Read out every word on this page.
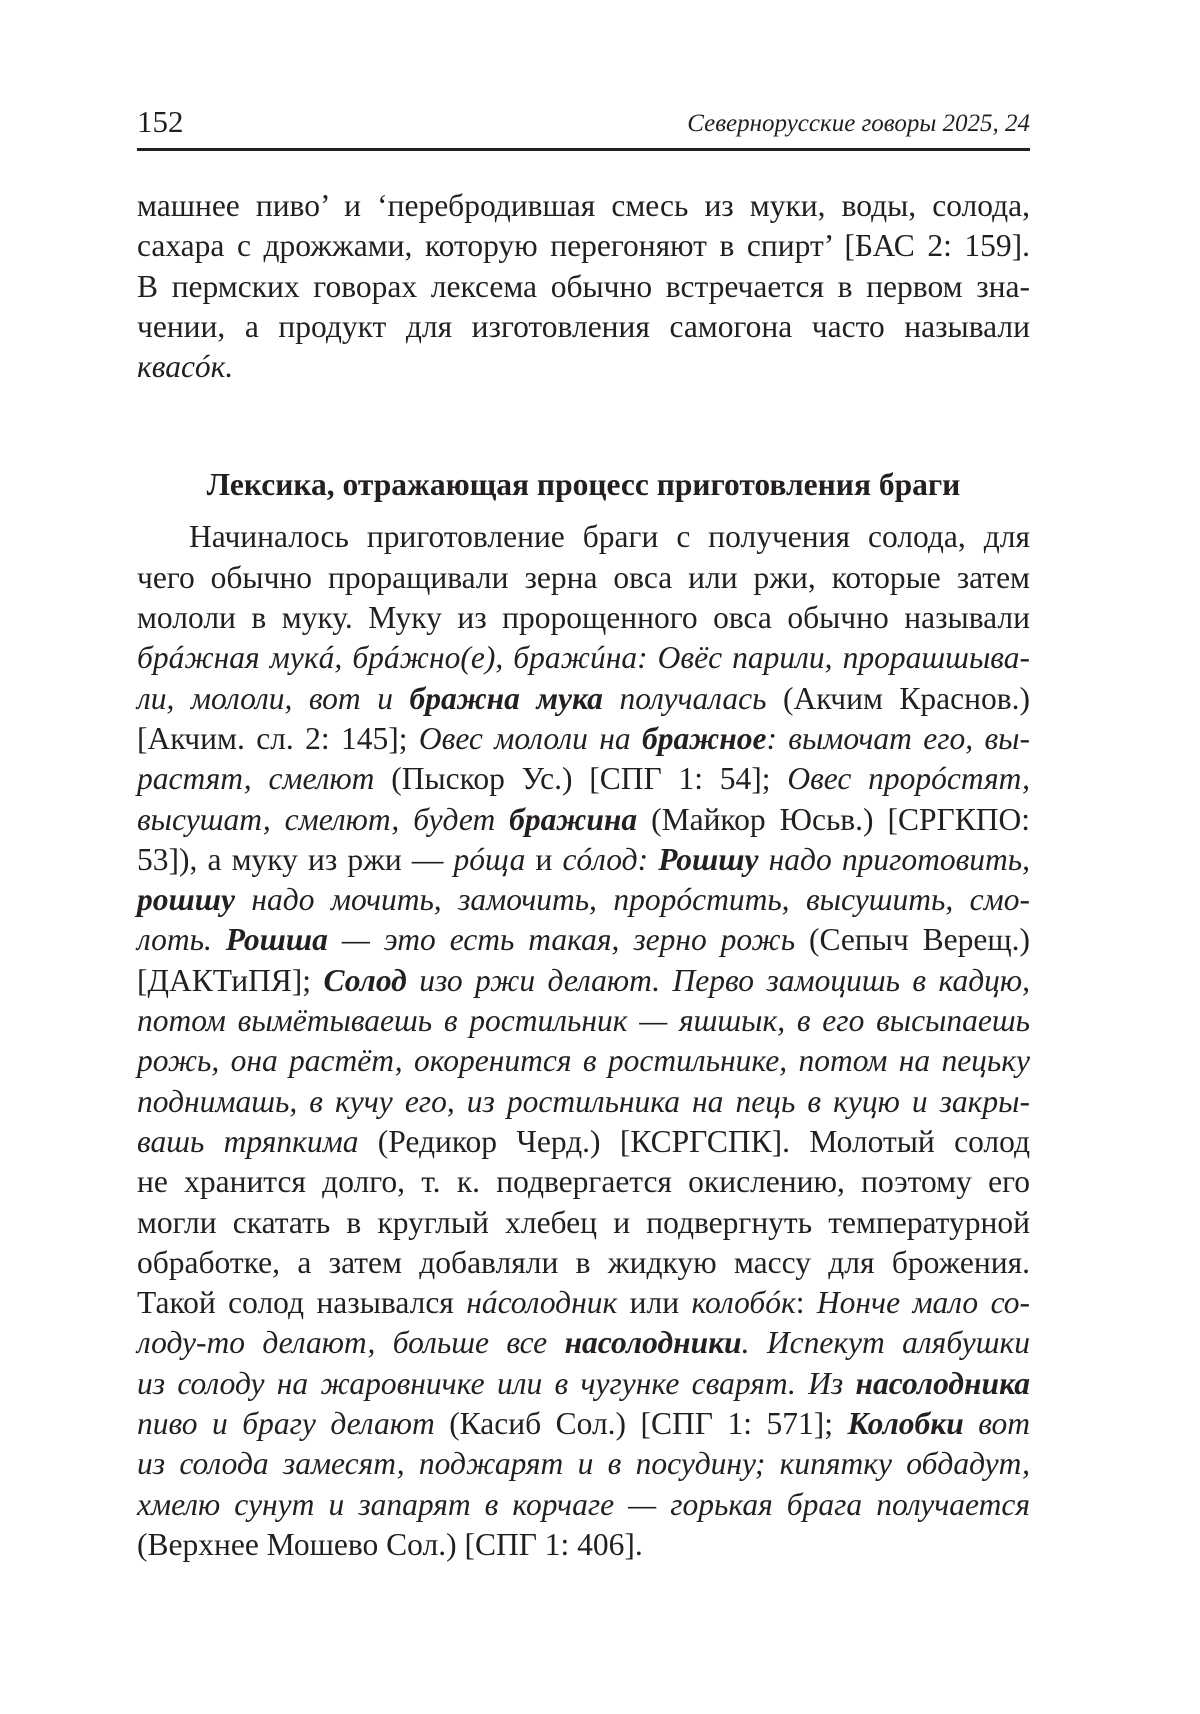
152	Севернорусские говоры 2025, 24
машнее пиво’ и ‘перебродившая смесь из муки, воды, солода,
сахара с дрожжами, которую перегоняют в спирт’ [БАС 2: 159].
В пермских говорах лексема обычно встречается в первом зна-
чении, а продукт для изготовления самогона часто называли
квасóк.
Лексика, отражающая процесс приготовления браги
Начиналось приготовление браги с получения солода, для
чего обычно проращивали зерна овса или ржи, которые затем
мололи в муку. Муку из пророщенного овса обычно называли
брáжная мукá, брáжно(е), бражúна: Овёс парили, прорашшыва-
ли, мололи, вот и бражна мука получалась (Акчим Краснов.)
[Акчим. сл. 2: 145]; Овес мололи на бражное: вымочат его, вы-
растят, смелют (Пыскор Ус.) [СПГ 1: 54]; Овес прорóстят,
высушат, смелют, будет бражина (Майкор Юсьв.) [СРГКПО:
53]), а муку из ржи — рóща и сóлод: Рошшу надо приготовить,
рошшу надо мочить, замочить, прорóстить, высушить, смо-
лоть. Рошша — это есть такая, зерно рожь (Сепыч Верещ.)
[ДАКТиПЯ]; Солод изо ржи делают. Перво замоцишь в кадцю,
потом вымётываешь в ростильник — яшшык, в его высыпаешь
рожь, она растёт, окоренится в ростильнике, потом на пецьку
поднимашь, в кучу его, из ростильника на пець в куцю и закры-
вашь тряпкима (Редикор Черд.) [КСРГСПК]. Молотый солод
не хранится долго, т. к. подвергается окислению, поэтому его
могли скатать в круглый хлебец и подвергнуть температурной
обработке, а затем добавляли в жидкую массу для брожения.
Такой солод назывался нáсолодник или колобóк: Нонче мало со-
лоду-то делают, больше все насолодники. Испекут алябушки
из солоду на жаровничке или в чугунке сварят. Из насолодника
пиво и брагу делают (Касиб Сол.) [СПГ 1: 571]; Колобки вот
из солода замесят, поджарят и в посудину; кипятку обдадут,
хмелю сунут и запарят в корчаге — горькая брага получается
(Верхнее Мошево Сол.) [СПГ 1: 406].
